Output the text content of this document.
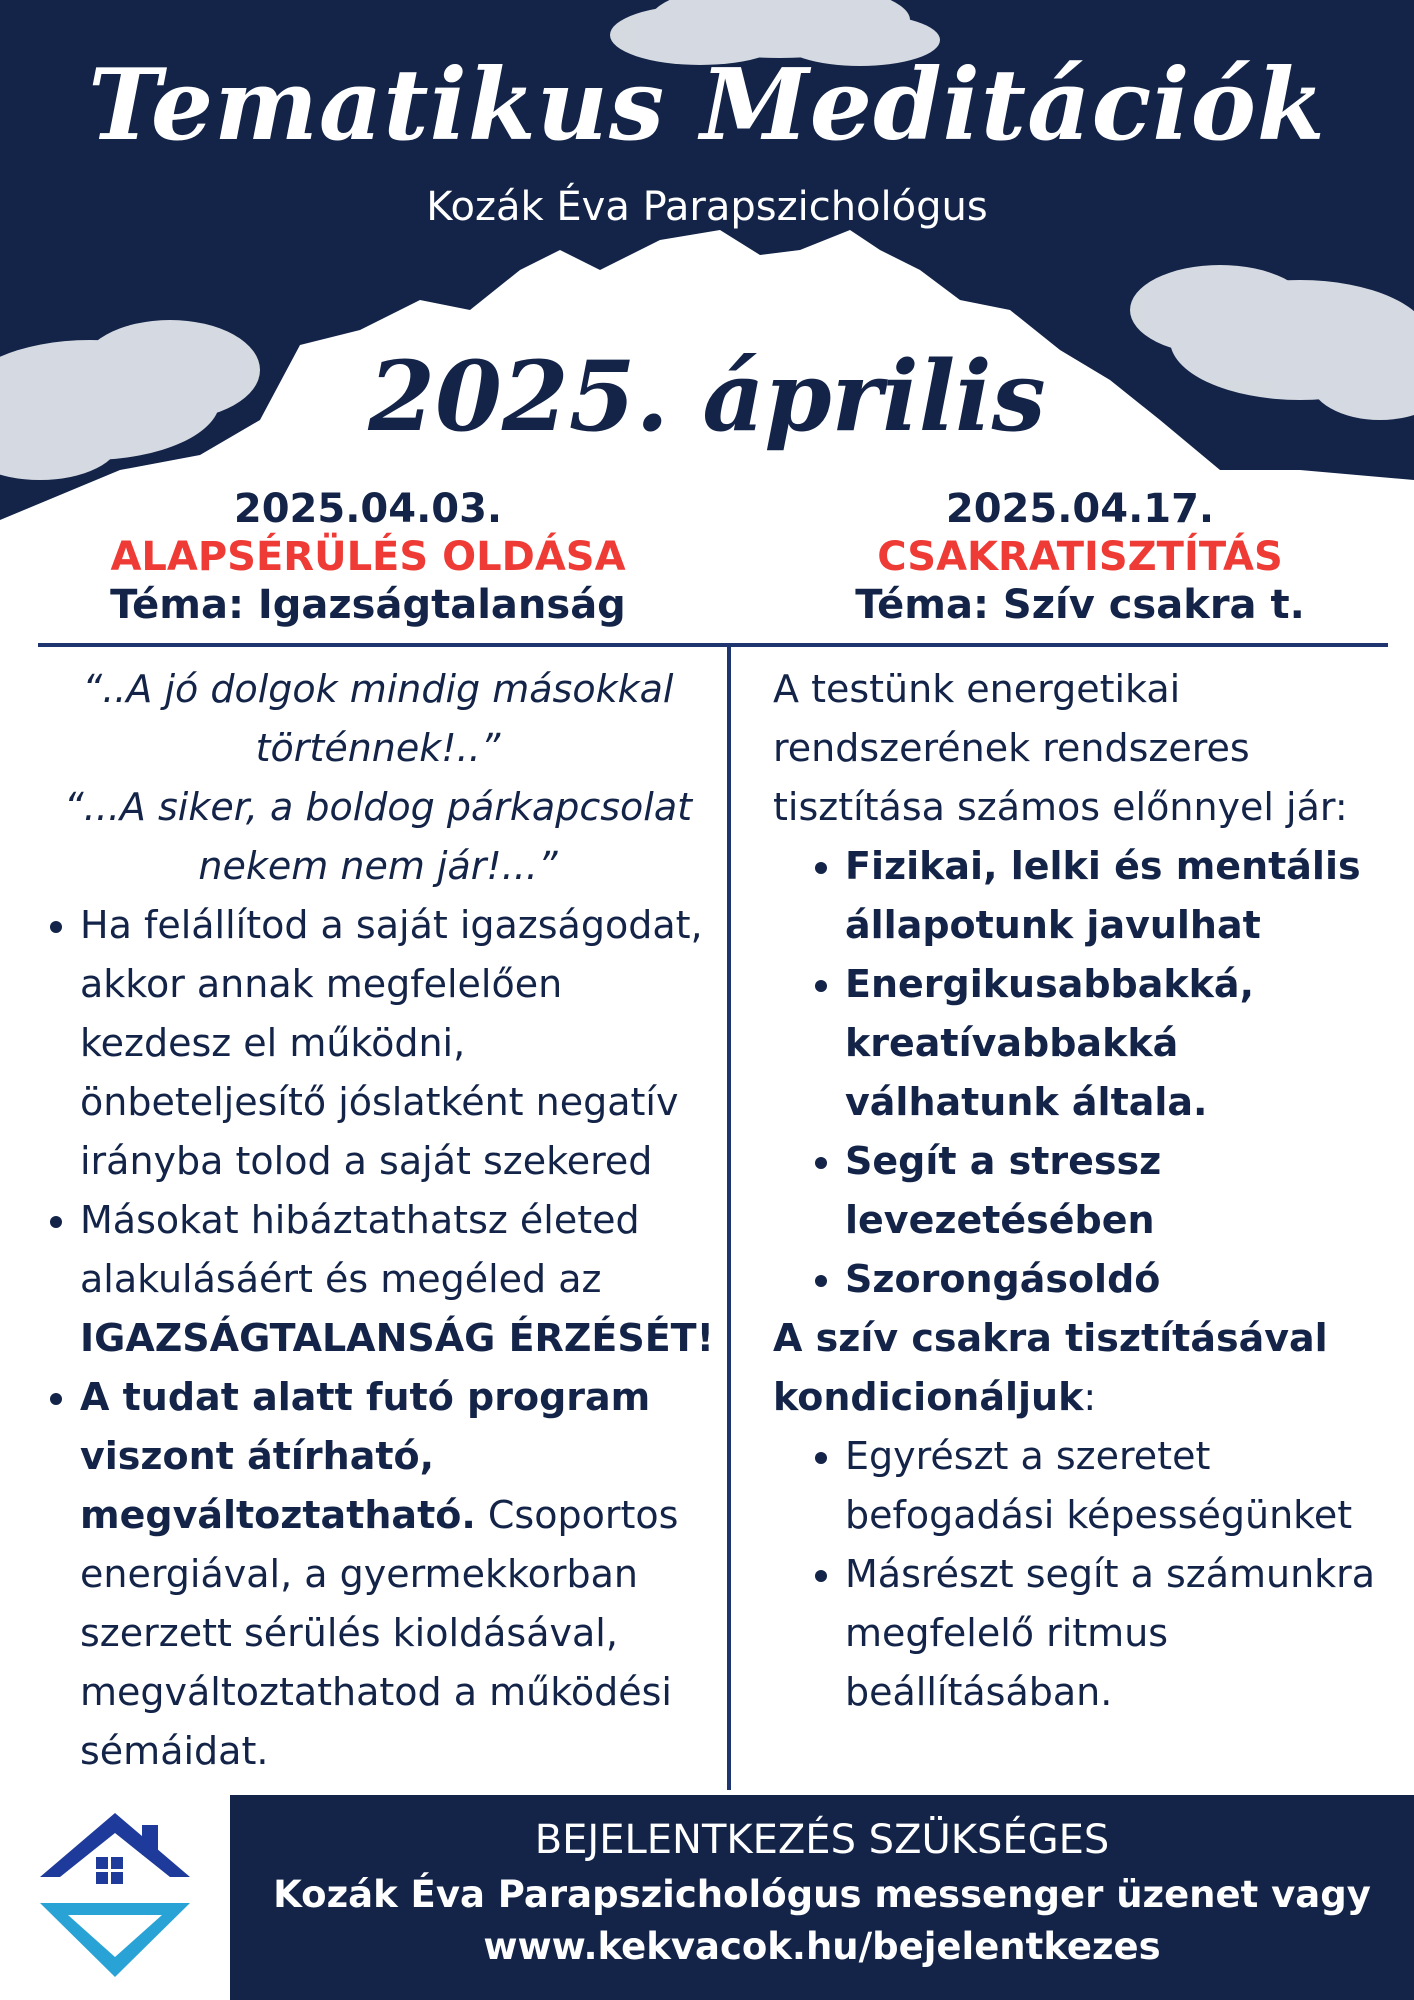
Tematikus Meditációk
Kozák Éva Parapszichológus
2025. április
2025.04.03.
ALAPSÉRÜLÉS OLDÁSA
Téma: Igazságtalanság
2025.04.17.
CSAKRATISZTÍTÁS
Téma: Szív csakra t.

“..A jó dolgok mindig másokkal történnek!..”

“...A siker, a boldog párkapcsolat nekem nem jár!...”

• Ha felállítod a saját igazságodat, akkor annak megfelelően kezdesz el működni, önbeteljesítő jóslatként negatív irányba tolod a saját szekered
• Másokat hibáztathatsz életed alakulásáért és megéled az IGAZSÁGTALANSÁG ÉRZÉSÉT!
• A tudat alatt futó program viszont átírható, megváltoztatható. Csoportos energiával, a gyermekkorban szerzett sérülés kioldásával, megváltoztathatod a működési sémáidat.

A testünk energetikai rendszerének rendszeres tisztítása számos előnnyel jár:

• Fizikai, lelki és mentális állapotunk javulhat
• Energikusabbakká, kreatívabbakká válhatunk általa.
• Segít a stressz levezetésében
• Szorongásoldó

A szív csakra tisztításával kondicionáljuk:

• Egyrészt a szeretet befogadási képességünket
• Másrészt segít a számunkra megfelelő ritmus beállításában.
BEJELENTKEZÉS SZÜKSÉGES
Kozák Éva Parapszichológus messenger üzenet vagy
www.kekvacok.hu/bejelentkezes
